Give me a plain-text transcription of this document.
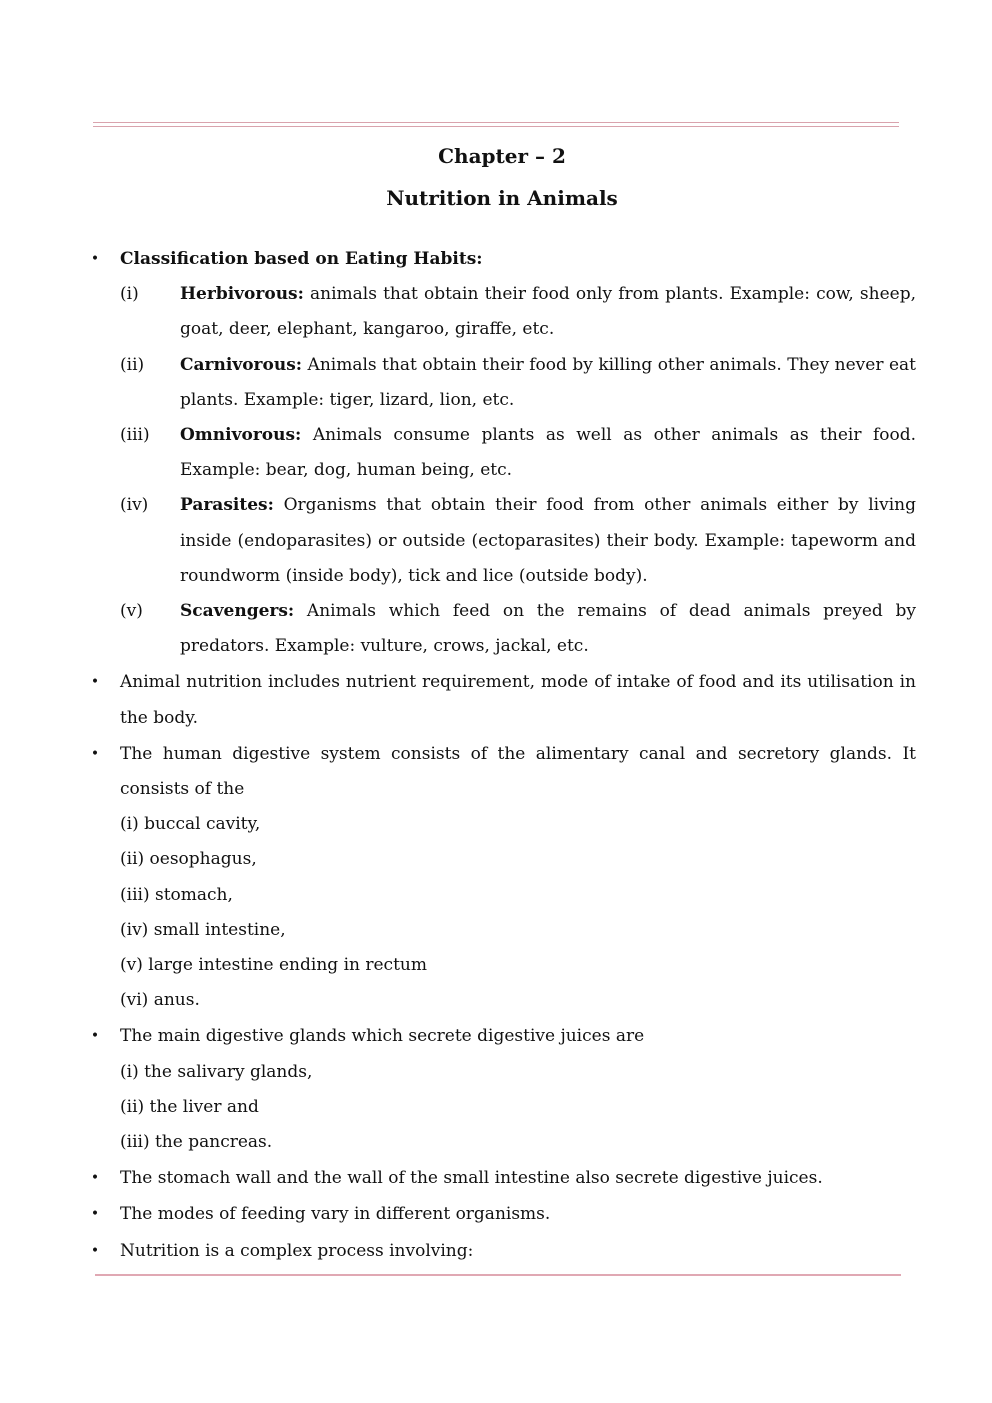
Chapter – 2
Nutrition in Animals
• Classification based on Eating Habits:
(i)	Herbivorous: animals that obtain their food only from plants. Example: cow, sheep, goat, deer, elephant, kangaroo, giraffe, etc.
(ii)	Carnivorous: Animals that obtain their food by killing other animals. They never eat plants. Example: tiger, lizard, lion, etc.
(iii)	Omnivorous: Animals consume plants as well as other animals as their food. Example: bear, dog, human being, etc.
(iv)	Parasites: Organisms that obtain their food from other animals either by living inside (endoparasites) or outside (ectoparasites) their body. Example: tapeworm and roundworm (inside body), tick and lice (outside body).
(v)	Scavengers: Animals which feed on the remains of dead animals preyed by predators. Example: vulture, crows, jackal, etc.
• Animal nutrition includes nutrient requirement, mode of intake of food and its utilisation in the body.
• The human digestive system consists of the alimentary canal and secretory glands. It consists of the
(i) buccal cavity,
(ii) oesophagus,
(iii) stomach,
(iv) small intestine,
(v) large intestine ending in rectum
(vi) anus.
• The main digestive glands which secrete digestive juices are
(i) the salivary glands,
(ii) the liver and
(iii) the pancreas.
• The stomach wall and the wall of the small intestine also secrete digestive juices.
• The modes of feeding vary in different organisms.
• Nutrition is a complex process involving:
